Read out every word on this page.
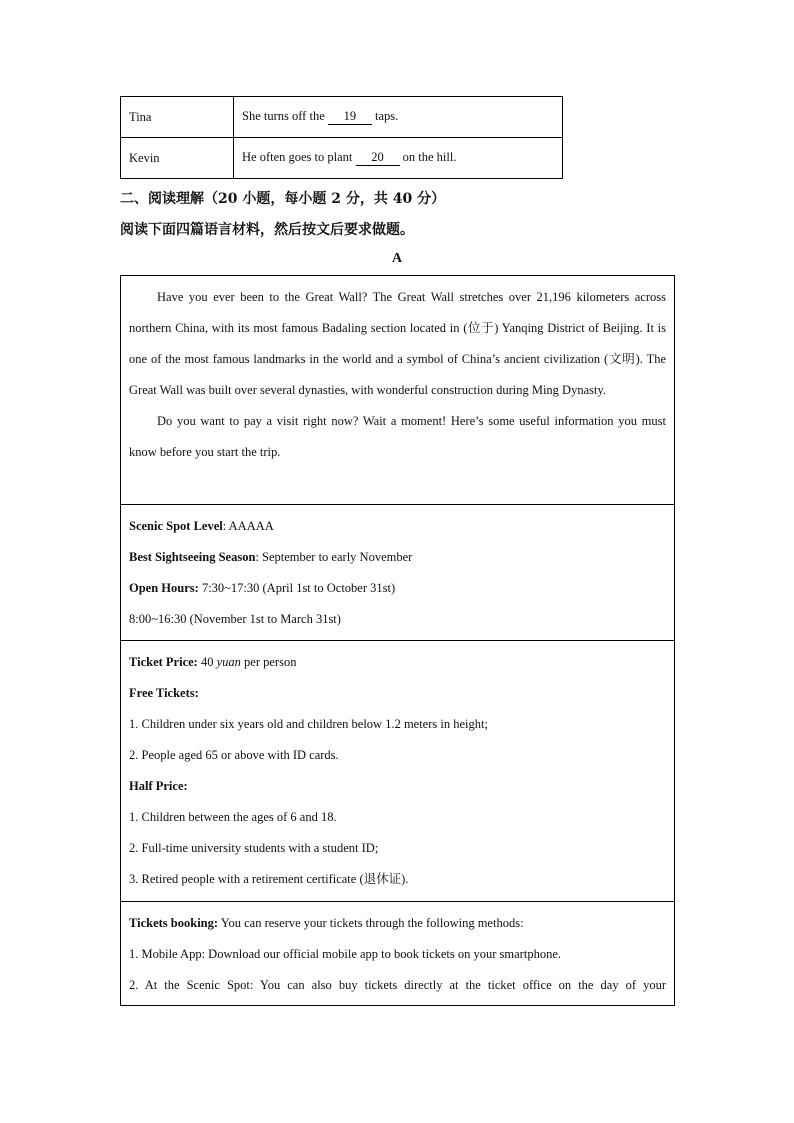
Tina	She turns off the 19 taps.
Kevin	He often goes to plant 20 on the hill.
二、阅读理解（20 小题，每小题 2 分，共 40 分）
阅读下面四篇语言材料，然后按文后要求做题。
A

Have you ever been to the Great Wall? The Great Wall stretches over 21,196 kilometers across northern China, with its most famous Badaling section located in (位于) Yanqing District of Beijing. It is one of the most famous landmarks in the world and a symbol of China’s ancient civilization (文明). The Great Wall was built over several dynasties, with wonderful construction during Ming Dynasty.

Do you want to pay a visit right now? Wait a moment! Here’s some useful information you must know before you start the trip.

Scenic Spot Level: AAAAA

Best Sightseeing Season: September to early November

Open Hours: 7:30~17:30 (April 1st to October 31st)

8:00~16:30 (November 1st to March 31st)

Ticket Price: 40 yuan per person

Free Tickets:

1. Children under six years old and children below 1.2 meters in height;

2. People aged 65 or above with ID cards.

Half Price:

1. Children between the ages of 6 and 18.

2. Full-time university students with a student ID;

3. Retired people with a retirement certificate (退休证).

Tickets booking: You can reserve your tickets through the following methods:

1. Mobile App: Download our official mobile app to book tickets on your smartphone.

2. At the Scenic Spot: You can also buy tickets directly at the ticket office on the day of your
